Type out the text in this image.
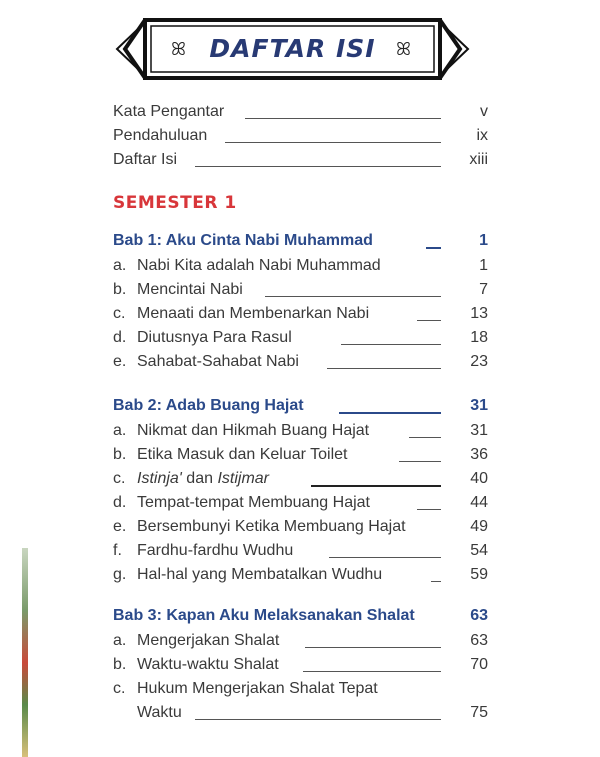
ꕤ	ꕤ
DAFTAR ISI
Kata Pengantar	v
Pendahuluan	ix
Daftar Isi	xiii
SEMESTER 1
Bab 1: Aku Cinta Nabi Muhammad	1
a. Nabi Kita adalah Nabi Muhammad	1
b. Mencintai Nabi	7
c. Menaati dan Membenarkan Nabi	13
d. Diutusnya Para Rasul	18
e. Sahabat-Sahabat Nabi	23
Bab 2: Adab Buang Hajat	31
a. Nikmat dan Hikmah Buang Hajat	31
b. Etika Masuk dan Keluar Toilet	36
c. Istinja' dan Istijmar	40
d. Tempat-tempat Membuang Hajat	44
e. Bersembunyi Ketika Membuang Hajat	49
f. Fardhu-fardhu Wudhu	54
g. Hal-hal yang Membatalkan Wudhu	59
Bab 3: Kapan Aku Melaksanakan Shalat	63
a. Mengerjakan Shalat	63
b. Waktu-waktu Shalat	70
c. Hukum Mengerjakan Shalat Tepat
Waktu	75
